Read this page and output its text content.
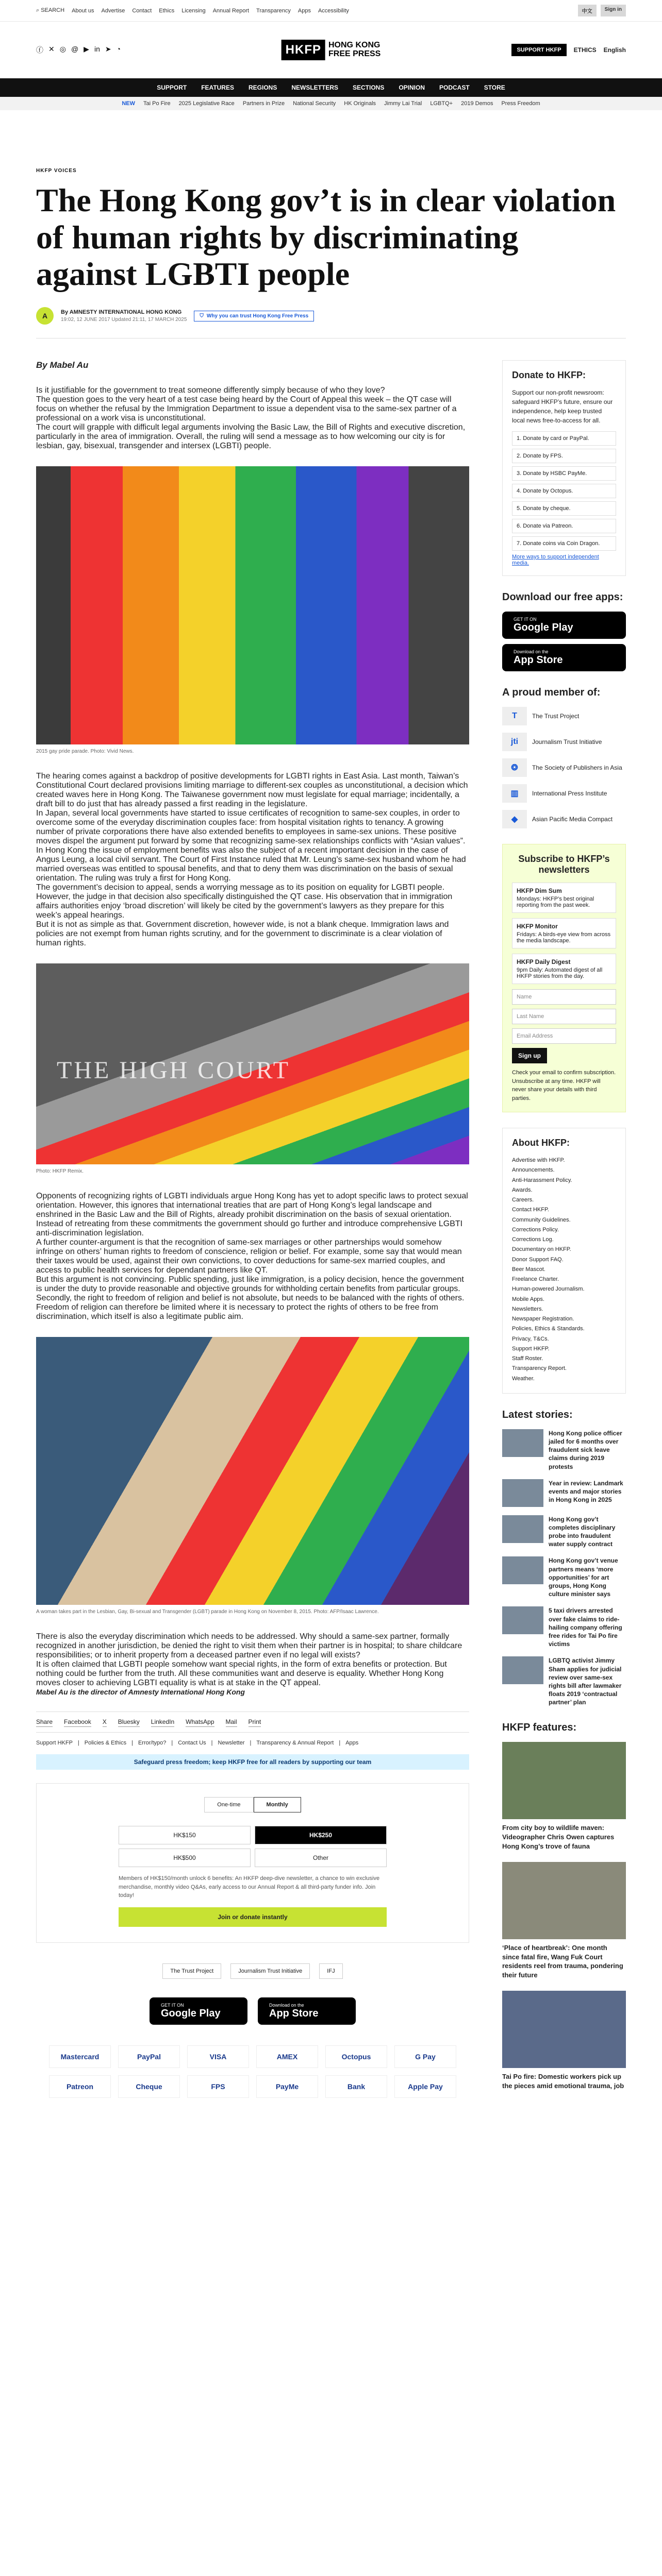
⌕ SEARCH About us Advertise Contact Ethics Licensing Annual Report Transparency Apps Accessibility	中文	Sign in
ⓕ ✕ ◎ @ ▶ in ➤ ◔	HKFP HONG KONG
FREE PRESS	SUPPORT HKFP	ETHICS English
SUPPORT FEATURES REGIONS NEWSLETTERS SECTIONS OPINION PODCAST STORE
NEW Tai Po Fire 2025 Legislative Race Partners in Prize National Security HK Originals Jimmy Lai Trial LGBTQ+ 2019 Demos Press Freedom
HKFP VOICES
The Hong Kong gov’t is in clear violation of human rights by discriminating against LGBTI people
A	By AMNESTY INTERNATIONAL HONG KONG
19:02, 12 JUNE 2017 Updated 21:11, 17 MARCH 2025
⛉ Why you can trust Hong Kong Free Press
By Mabel Au

Is it justifiable for the government to treat someone differently simply because of who they love?

The question goes to the very heart of a test case being heard by the Court of Appeal this week – the QT case will focus on whether the refusal by the Immigration Department to issue a dependent visa to the same-sex partner of a professional on a work visa is unconstitutional.

The court will grapple with difficult legal arguments involving the Basic Law, the Bill of Rights and executive discretion, particularly in the area of immigration. Overall, the ruling will send a message as to how welcoming our city is for lesbian, gay, bisexual, transgender and intersex (LGBTI) people.

2015 gay pride parade. Photo: Vivid News.

The hearing comes against a backdrop of positive developments for LGBTI rights in East Asia. Last month, Taiwan’s Constitutional Court declared provisions limiting marriage to different-sex couples as unconstitutional, a decision which created waves here in Hong Kong. The Taiwanese government now must legislate for equal marriage; incidentally, a draft bill to do just that has already passed a first reading in the legislature.

In Japan, several local governments have started to issue certificates of recognition to same-sex couples, in order to overcome some of the everyday discrimination couples face: from hospital visitation rights to tenancy. A growing number of private corporations there have also extended benefits to employees in same-sex unions. These positive moves dispel the argument put forward by some that recognizing same-sex relationships conflicts with “Asian values”.

In Hong Kong the issue of employment benefits was also the subject of a recent important decision in the case of Angus Leung, a local civil servant. The Court of First Instance ruled that Mr. Leung’s same-sex husband whom he had married overseas was entitled to spousal benefits, and that to deny them was discrimination on the basis of sexual orientation. The ruling was truly a first for Hong Kong.

The government’s decision to appeal, sends a worrying message as to its position on equality for LGBTI people. However, the judge in that decision also specifically distinguished the QT case. His observation that in immigration affairs authorities enjoy ‘broad discretion’ will likely be cited by the government’s lawyers as they prepare for this week’s appeal hearings.

But it is not as simple as that. Government discretion, however wide, is not a blank cheque. Immigration laws and policies are not exempt from human rights scrutiny, and for the government to discriminate is a clear violation of human rights.

THE HIGH COURT
Photo: HKFP Remix.

Opponents of recognizing rights of LGBTI individuals argue Hong Kong has yet to adopt specific laws to protect sexual orientation. However, this ignores that international treaties that are part of Hong Kong’s legal landscape and enshrined in the Basic Law and the Bill of Rights, already prohibit discrimination on the basis of sexual orientation. Instead of retreating from these commitments the government should go further and introduce comprehensive LGBTI anti-discrimination legislation.

A further counter-argument is that the recognition of same-sex marriages or other partnerships would somehow infringe on others’ human rights to freedom of conscience, religion or belief. For example, some say that would mean their taxes would be used, against their own convictions, to cover deductions for same-sex married couples, and access to public health services for dependant partners like QT.

But this argument is not convincing. Public spending, just like immigration, is a policy decision, hence the government is under the duty to provide reasonable and objective grounds for withholding certain benefits from particular groups.

Secondly, the right to freedom of religion and belief is not absolute, but needs to be balanced with the rights of others. Freedom of religion can therefore be limited where it is necessary to protect the rights of others to be free from discrimination, which itself is also a legitimate public aim.

A woman takes part in the Lesbian, Gay, Bi-sexual and Transgender (LGBT) parade in Hong Kong on November 8, 2015. Photo: AFP/Isaac Lawrence.

There is also the everyday discrimination which needs to be addressed. Why should a same-sex partner, formally recognized in another jurisdiction, be denied the right to visit them when their partner is in hospital; to share childcare responsibilities; or to inherit property from a deceased partner even if no legal will exists?

It is often claimed that LGBTI people somehow want special rights, in the form of extra benefits or protection. But nothing could be further from the truth. All these communities want and deserve is equality. Whether Hong Kong moves closer to achieving LGBTI equality is what is at stake in the QT appeal.

Mabel Au is the director of Amnesty International Hong Kong
Share Facebook X Bluesky LinkedIn WhatsApp Mail Print
Support HKFP | Policies & Ethics | Error/typo? | Contact Us | Newsletter | Transparency & Annual Report | Apps
Safeguard press freedom; keep HKFP free for all readers by supporting our team
One-time	Monthly
HK$150	HK$250
HK$500	Other
Members of HK$150/month unlock 6 benefits: An HKFP deep-dive newsletter, a chance to win exclusive merchandise, monthly video Q&As, early access to our Annual Report & all third-party funder info. Join today!
Join or donate instantly
The Trust Project	Journalism Trust Initiative	IFJ
GET IT ON
Google Play
Download on the
App Store
Mastercard	PayPal	VISA	AMEX	Octopus	G Pay
Patreon	Cheque	FPS	PayMe	Bank	Apple Pay
Donate to HKFP:

Support our non-profit newsroom: safeguard HKFP’s future, ensure our independence, help keep trusted local news free-to-access for all.

1. Donate by card or PayPal.
2. Donate by FPS.
3. Donate by HSBC PayMe.
4. Donate by Octopus.
5. Donate by cheque.
6. Donate via Patreon.
7. Donate coins via Coin Dragon.
More ways to support independent media.
Download our free apps:
GET IT ON
Google Play
Download on the
App Store
A proud member of:
T	The Trust Project
jti	Journalism Trust Initiative
❂	The Society of Publishers in Asia
▥	International Press Institute
◆	Asian Pacific Media Compact
Subscribe to HKFP’s newsletters
HKFP Dim Sum
Mondays: HKFP’s best original reporting from the past week.
HKFP Monitor
Fridays: A birds-eye view from across the media landscape.
HKFP Daily Digest
9pm Daily: Automated digest of all HKFP stories from the day.
Name
Last Name
Email Address
Sign up

Check your email to confirm subscription. Unsubscribe at any time. HKFP will never share your details with third parties.

About HKFP:
Advertise with HKFP.
Announcements.
Anti-Harassment Policy.
Awards.
Careers.
Contact HKFP.
Community Guidelines.
Corrections Policy.
Corrections Log.
Documentary on HKFP.
Donor Support FAQ.
Beer Mascot.
Freelance Charter.
Human-powered Journalism.
Mobile Apps.
Newsletters.
Newspaper Registration.
Policies, Ethics & Standards.
Privacy, T&Cs.
Support HKFP.
Staff Roster.
Transparency Report.
Weather.
Latest stories:
Hong Kong police officer jailed for 6 months over fraudulent sick leave claims during 2019 protests
Year in review: Landmark events and major stories in Hong Kong in 2025
Hong Kong gov’t completes disciplinary probe into fraudulent water supply contract
Hong Kong gov’t venue partners means ‘more opportunities’ for art groups, Hong Kong culture minister says
5 taxi drivers arrested over fake claims to ride-hailing company offering free rides for Tai Po fire victims
LGBTQ activist Jimmy Sham applies for judicial review over same-sex rights bill after lawmaker floats 2019 ‘contractual partner’ plan
HKFP features:
From city boy to wildlife maven: Videographer Chris Owen captures Hong Kong’s trove of fauna
‘Place of heartbreak’: One month since fatal fire, Wang Fuk Court residents reel from trauma, pondering their future
Tai Po fire: Domestic workers pick up the pieces amid emotional trauma, job
